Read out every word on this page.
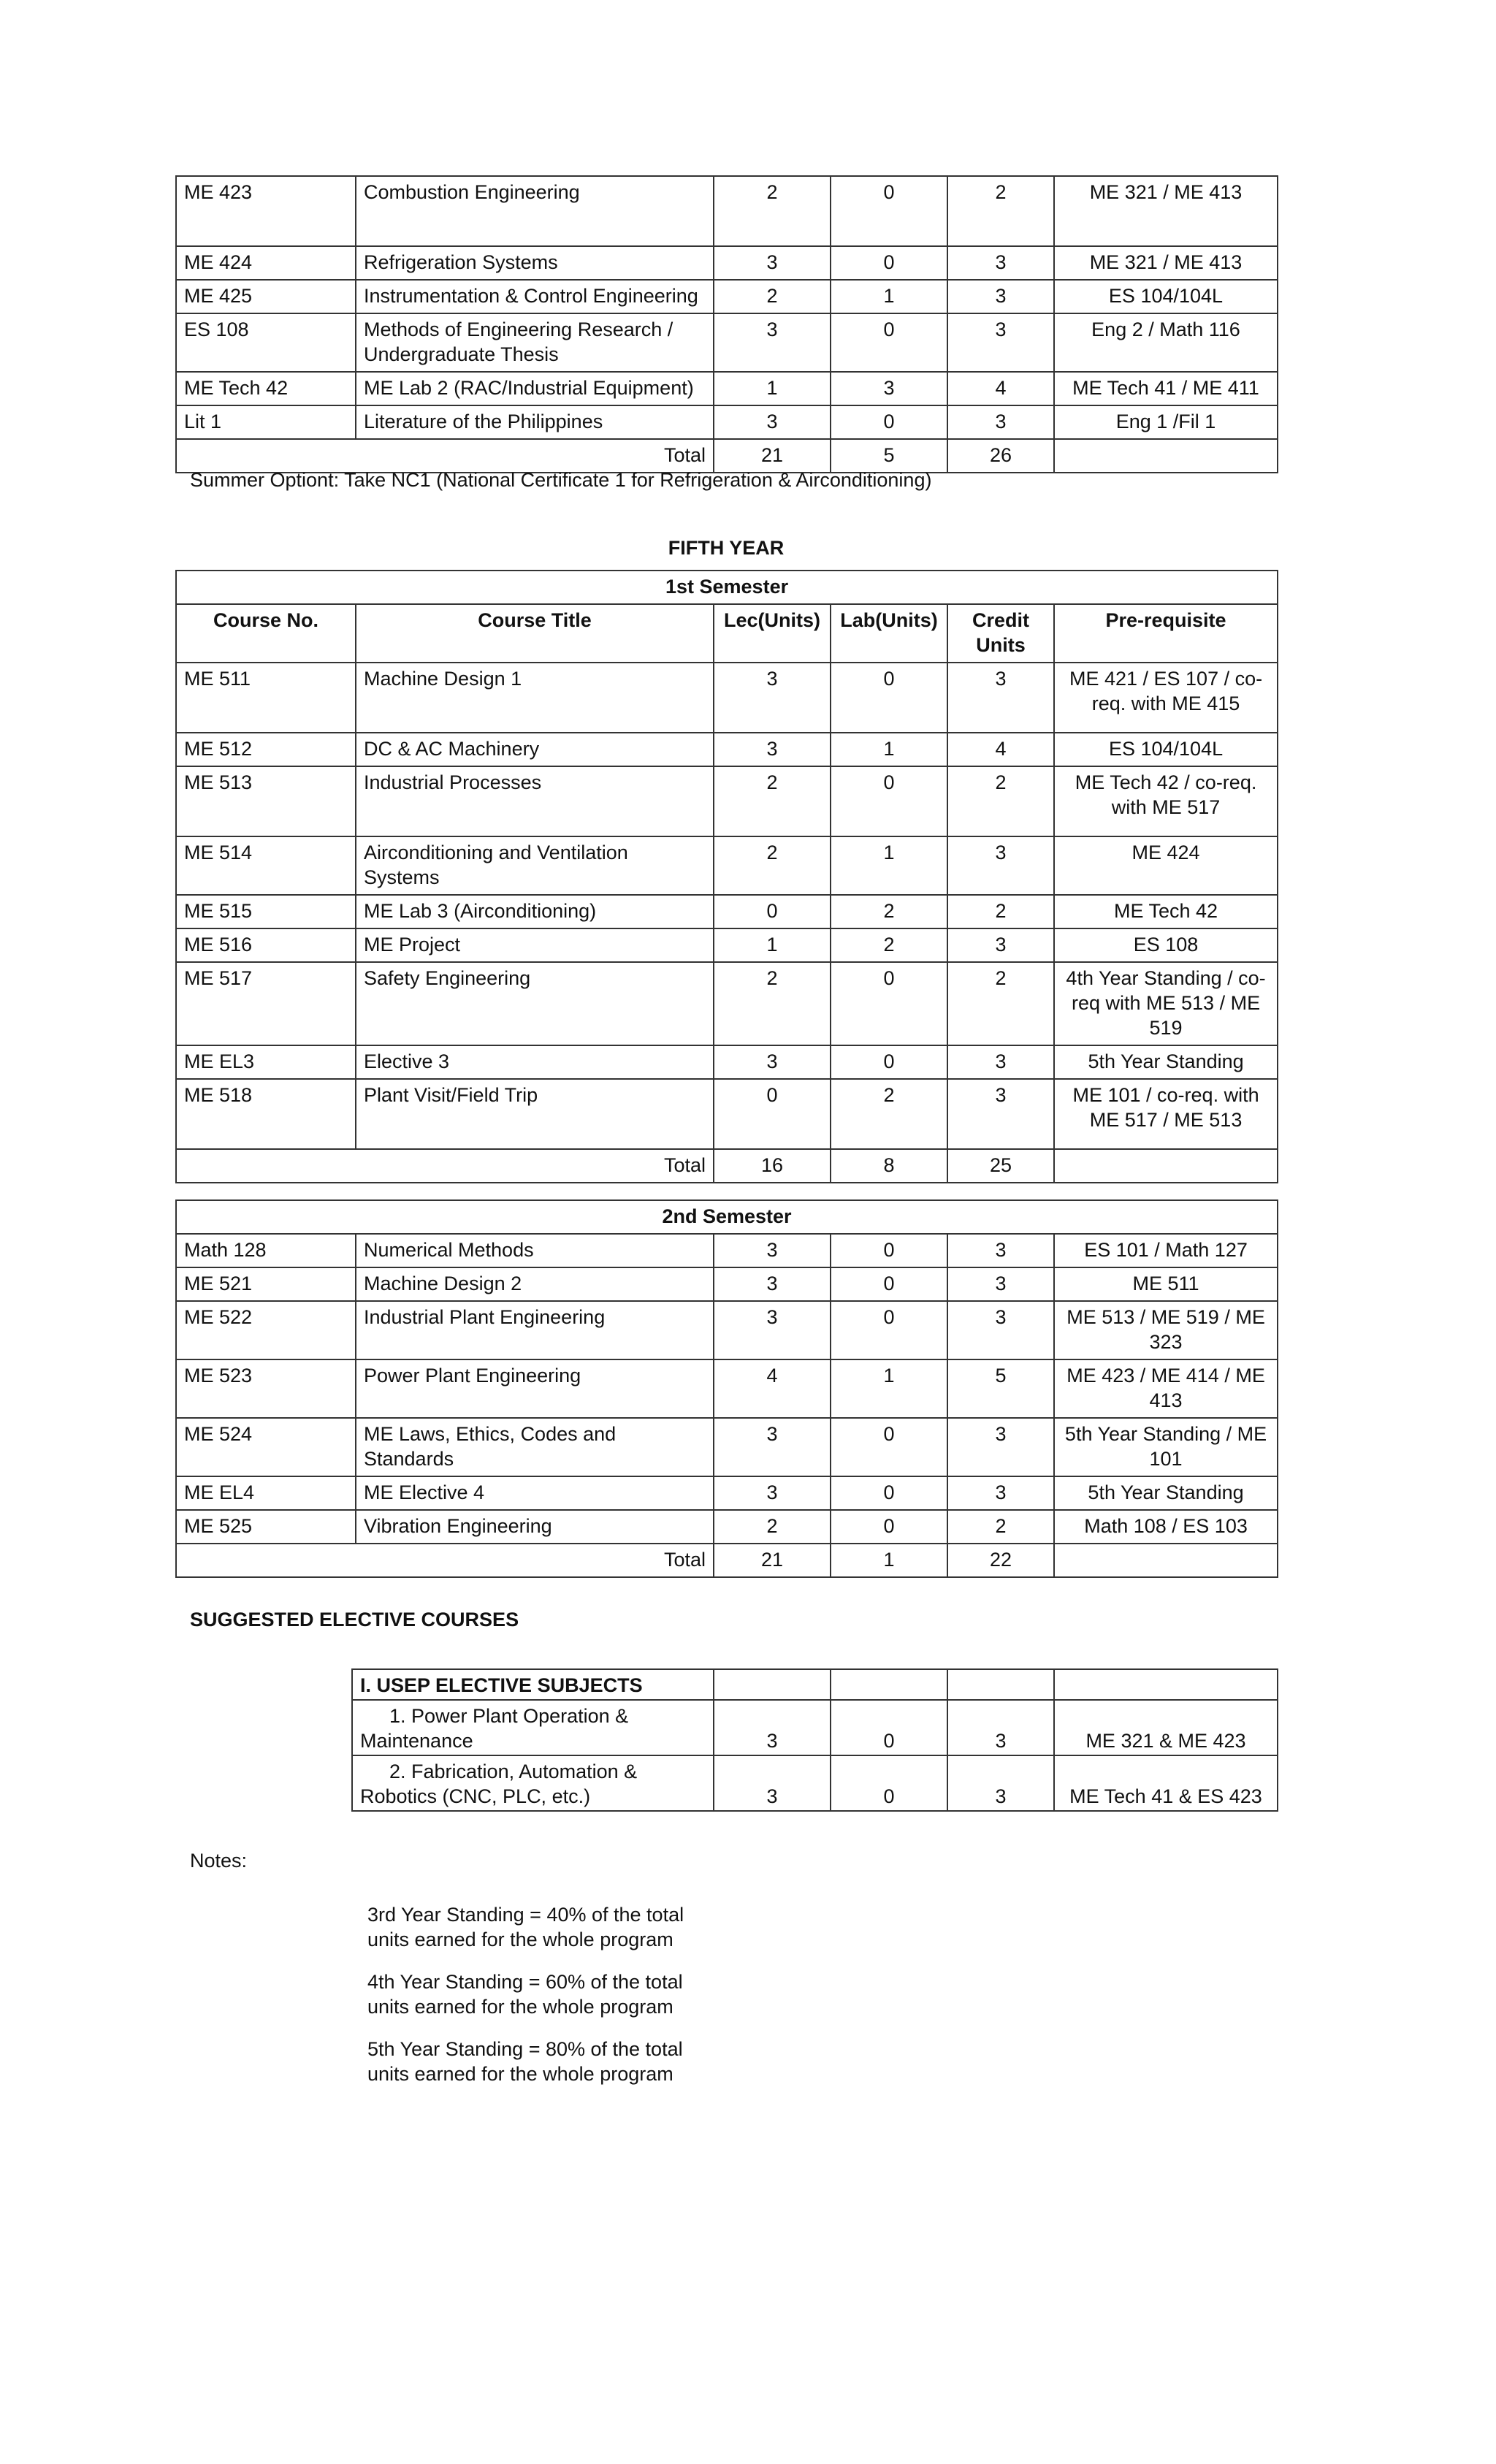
ME 423	Combustion Engineering	2	0	2	ME 321 / ME 413
ME 424	Refrigeration Systems	3	0	3	ME 321 / ME 413
ME 425	Instrumentation & Control Engineering	2	1	3	ES 104/104L
ES 108	Methods of Engineering Research / Undergraduate Thesis	3	0	3	Eng 2 / Math 116
ME Tech 42	ME Lab 2 (RAC/Industrial Equipment)	1	3	4	ME Tech 41 / ME 411
Lit 1	Literature of the Philippines	3	0	3	Eng 1 /Fil 1
Total		21	5	26	
Summer Optiont: Take NC1 (National Certificate 1 for Refrigeration & Airconditioning)
FIFTH YEAR
1st Semester					
Course No.	Course Title	Lec(Units)	Lab(Units)	Credit Units	Pre-requisite
ME 511	Machine Design 1	3	0	3	ME 421 / ES 107 / co-req. with ME 415
ME 512	DC & AC Machinery	3	1	4	ES 104/104L
ME 513	Industrial Processes	2	0	2	ME Tech 42 / co-req. with ME 517
ME 514	Airconditioning and Ventilation Systems	2	1	3	ME 424
ME 515	ME Lab 3 (Airconditioning)	0	2	2	ME Tech 42
ME 516	ME Project	1	2	3	ES 108
ME 517	Safety Engineering	2	0	2	4th Year Standing / co-req with ME 513 / ME 519
ME EL3	Elective 3	3	0	3	5th Year Standing
ME 518	Plant Visit/Field Trip	0	2	3	ME 101 / co-req. with ME 517 / ME 513
Total		16	8	25	
2nd Semester					
Math 128	Numerical Methods	3	0	3	ES 101 / Math 127
ME 521	Machine Design 2	3	0	3	ME 511
ME 522	Industrial Plant Engineering	3	0	3	ME 513 / ME 519 / ME 323
ME 523	Power Plant Engineering	4	1	5	ME 423 / ME 414 / ME 413
ME 524	ME Laws, Ethics, Codes and Standards	3	0	3	5th Year Standing / ME 101
ME EL4	ME Elective 4	3	0	3	5th Year Standing
ME 525	Vibration Engineering	2	0	2	Math 108 / ES 103
Total		21	1	22	
SUGGESTED ELECTIVE COURSES
I. USEP ELECTIVE SUBJECTS				

1. Power Plant Operation &
Maintenance	3	0	3	ME 321 & ME 423

2. Fabrication, Automation &
Robotics (CNC, PLC, etc.)	3	0	3	ME Tech 41 & ES 423
Notes:
3rd Year Standing = 40% of the total units earned for the whole program
4th Year Standing = 60% of the total units earned for the whole program
5th Year Standing = 80% of the total units earned for the whole program
